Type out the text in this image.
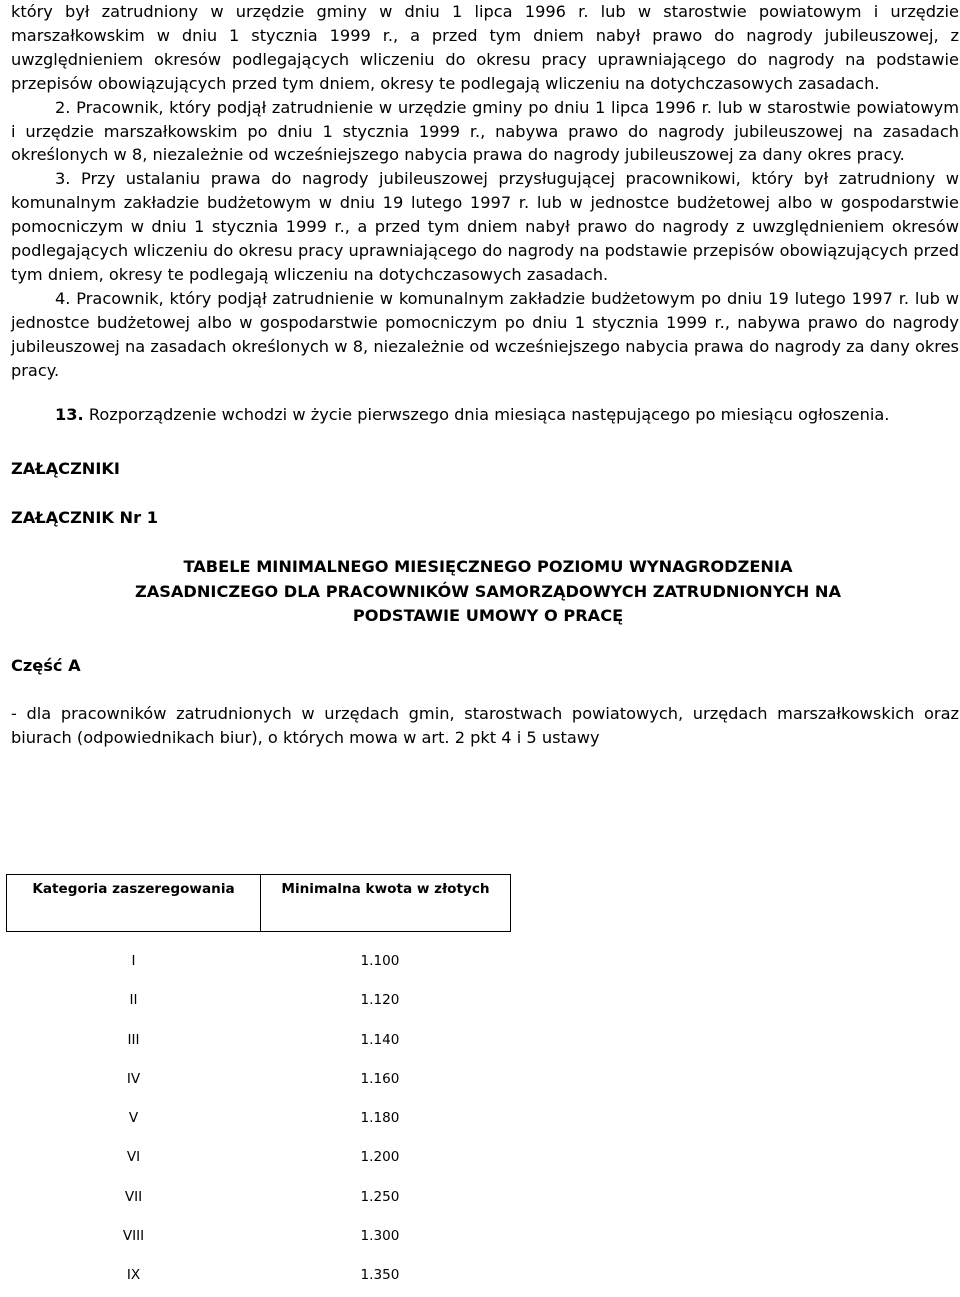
który był zatrudniony w urzędzie gminy w dniu 1 lipca 1996 r. lub w starostwie powiatowym i urzędzie marszałkowskim w dniu 1 stycznia 1999 r., a przed tym dniem nabył prawo do nagrody jubileuszowej, z uwzględnieniem okresów podlegających wliczeniu do okresu pracy uprawniającego do nagrody na podstawie przepisów obowiązujących przed tym dniem, okresy te podlegają wliczeniu na dotychczasowych zasadach.

2. Pracownik, który podjął zatrudnienie w urzędzie gminy po dniu 1 lipca 1996 r. lub w starostwie powiatowym i urzędzie marszałkowskim po dniu 1 stycznia 1999 r., nabywa prawo do nagrody jubileuszowej na zasadach określonych w 8, niezależnie od wcześniejszego nabycia prawa do nagrody jubileuszowej za dany okres pracy.

3. Przy ustalaniu prawa do nagrody jubileuszowej przysługującej pracownikowi, który był zatrudniony w komunalnym zakładzie budżetowym w dniu 19 lutego 1997 r. lub w jednostce budżetowej albo w gospodarstwie pomocniczym w dniu 1 stycznia 1999 r., a przed tym dniem nabył prawo do nagrody z uwzględnieniem okresów podlegających wliczeniu do okresu pracy uprawniającego do nagrody na podstawie przepisów obowiązujących przed tym dniem, okresy te podlegają wliczeniu na dotychczasowych zasadach.

4. Pracownik, który podjął zatrudnienie w komunalnym zakładzie budżetowym po dniu 19 lutego 1997 r. lub w jednostce budżetowej albo w gospodarstwie pomocniczym po dniu 1 stycznia 1999 r., nabywa prawo do nagrody jubileuszowej na zasadach określonych w 8, niezależnie od wcześniejszego nabycia prawa do nagrody za dany okres pracy.

13. Rozporządzenie wchodzi w życie pierwszego dnia miesiąca następującego po miesiącu ogłoszenia.

ZAŁĄCZNIKI

ZAŁĄCZNIK Nr 1

TABELE MINIMALNEGO MIESIĘCZNEGO POZIOMU WYNAGRODZENIA
ZASADNICZEGO DLA PRACOWNIKÓW SAMORZĄDOWYCH ZATRUDNIONYCH NA
PODSTAWIE UMOWY O PRACĘ

Część A

- dla pracowników zatrudnionych w urzędach gmin, starostwach powiatowych, urzędach marszałkowskich oraz biurach (odpowiednikach biur), o których mowa w art. 2 pkt 4 i 5 ustawy

Kategoria zaszeregowania	Minimalna kwota w złotych
I	1.100
II	1.120
III	1.140
IV	1.160
V	1.180
VI	1.200
VII	1.250
VIII	1.300
IX	1.350
